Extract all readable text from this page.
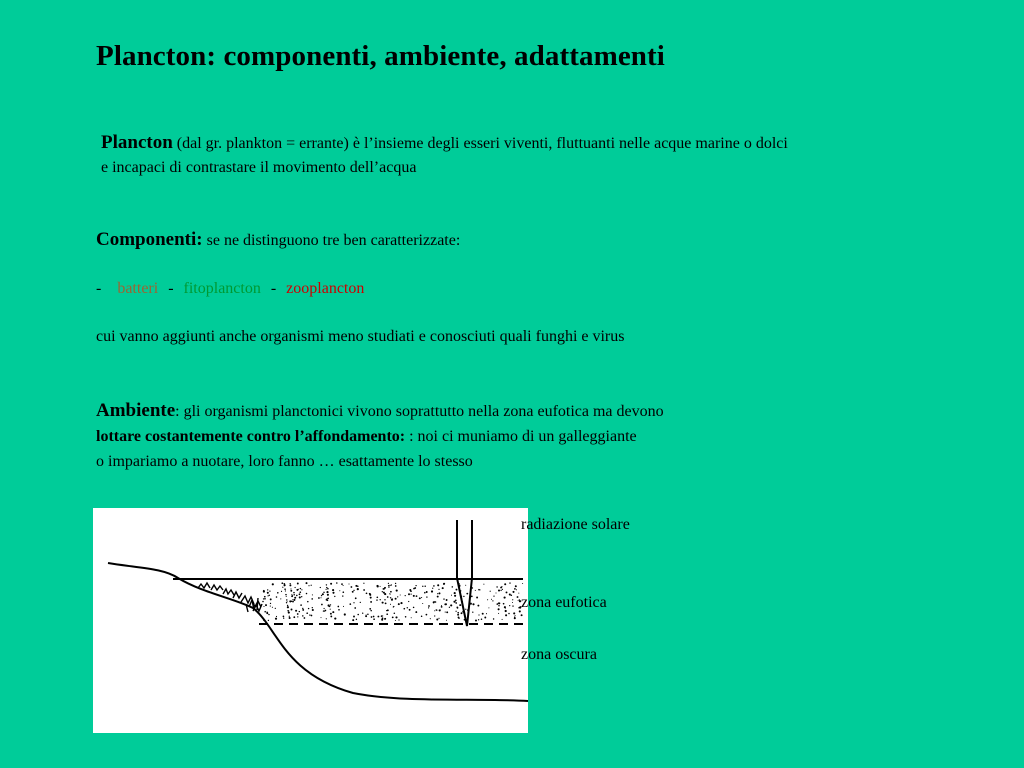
Plancton: componenti, ambiente, adattamenti
Plancton (dal gr. plankton = errante) è l’insieme degli esseri viventi, fluttuanti nelle acque marine o dolci
e incapaci di contrastare il movimento dell’acqua
Componenti: se ne distinguono tre ben caratterizzate:
- batteri - fitoplancton - zooplancton
cui vanno aggiunti anche organismi meno studiati e conosciuti quali funghi e virus
Ambiente: gli organismi planctonici vivono soprattutto nella zona eufotica ma devono
lottare costantemente contro l’affondamento: : noi ci muniamo di un galleggiante
o impariamo a nuotare, loro fanno … esattamente lo stesso
radiazione solare
zona eufotica
zona oscura
